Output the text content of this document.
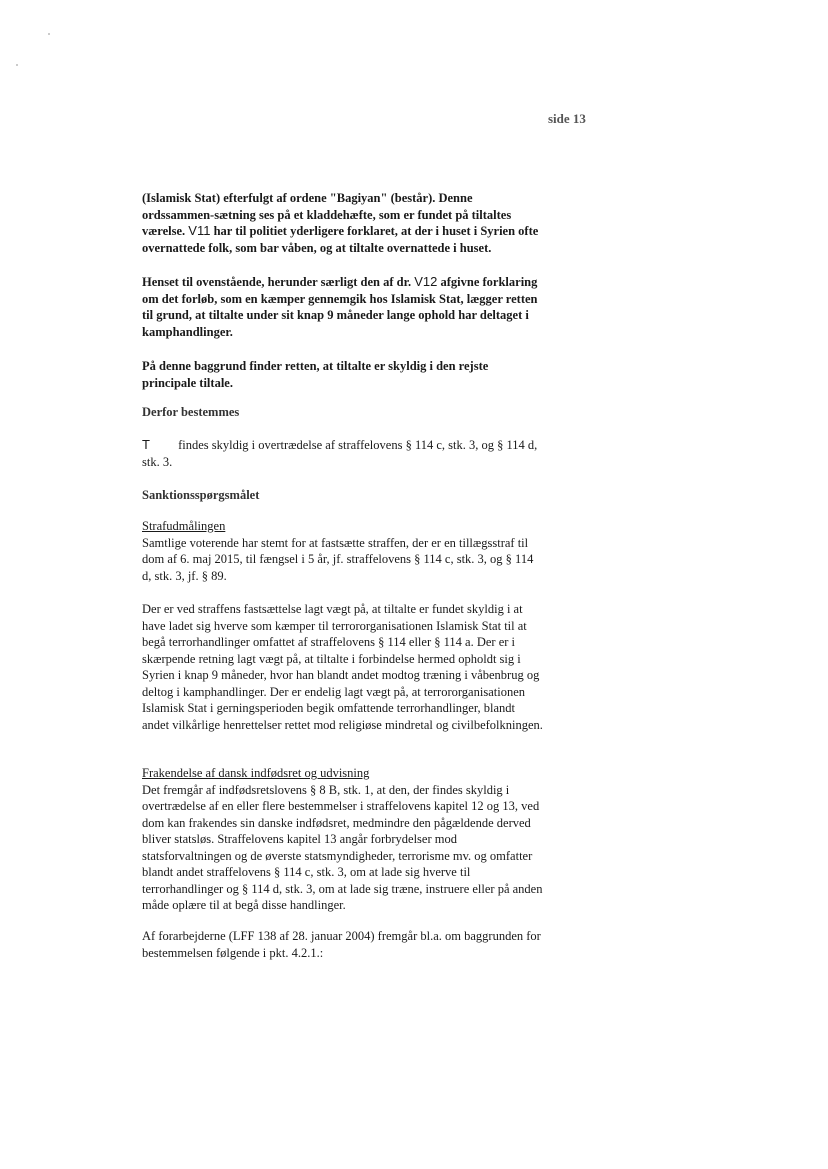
side 13

(Islamisk Stat) efterfulgt af ordene "Bagiyan" (består). Denne ordssammen-sætning ses på et kladdehæfte, som er fundet på tiltaltes værelse. V11 har til politiet yderligere forklaret, at der i huset i Syrien ofte overnattede folk, som bar våben, og at tiltalte overnattede i huset.

Henset til ovenstående, herunder særligt den af dr. V12 afgivne forklaring om det forløb, som en kæmper gennemgik hos Islamisk Stat, lægger retten til grund, at tiltalte under sit knap 9 måneder lange ophold har deltaget i kamphandlinger.

På denne baggrund finder retten, at tiltalte er skyldig i den rejste principale tiltale.

Derfor bestemmes

T findes skyldig i overtrædelse af straffelovens § 114 c, stk. 3, og § 114 d, stk. 3.

Sanktionsspørgsmålet

Strafudmålingen
Samtlige voterende har stemt for at fastsætte straffen, der er en tillægsstraf til dom af 6. maj 2015, til fængsel i 5 år, jf. straffelovens § 114 c, stk. 3, og § 114 d, stk. 3, jf. § 89.

Der er ved straffens fastsættelse lagt vægt på, at tiltalte er fundet skyldig i at have ladet sig hverve som kæmper til terrororganisationen Islamisk Stat til at begå terrorhandlinger omfattet af straffelovens § 114 eller § 114 a. Der er i skærpende retning lagt vægt på, at tiltalte i forbindelse hermed opholdt sig i Syrien i knap 9 måneder, hvor han blandt andet modtog træning i våbenbrug og deltog i kamphandlinger. Der er endelig lagt vægt på, at terrororganisationen Islamisk Stat i gerningsperioden begik omfattende terrorhandlinger, blandt andet vilkårlige henrettelser rettet mod religiøse mindretal og civilbefolkningen.

Frakendelse af dansk indfødsret og udvisning
Det fremgår af indfødsretslovens § 8 B, stk. 1, at den, der findes skyldig i overtrædelse af en eller flere bestemmelser i straffelovens kapitel 12 og 13, ved dom kan frakendes sin danske indfødsret, medmindre den pågældende derved bliver statsløs. Straffelovens kapitel 13 angår forbrydelser mod statsforvaltningen og de øverste statsmyndigheder, terrorisme mv. og omfatter blandt andet straffelovens § 114 c, stk. 3, om at lade sig hverve til terrorhandlinger og § 114 d, stk. 3, om at lade sig træne, instruere eller på anden måde oplære til at begå disse handlinger.

Af forarbejderne (LFF 138 af 28. januar 2004) fremgår bl.a. om baggrunden for bestemmelsen følgende i pkt. 4.2.1.:
